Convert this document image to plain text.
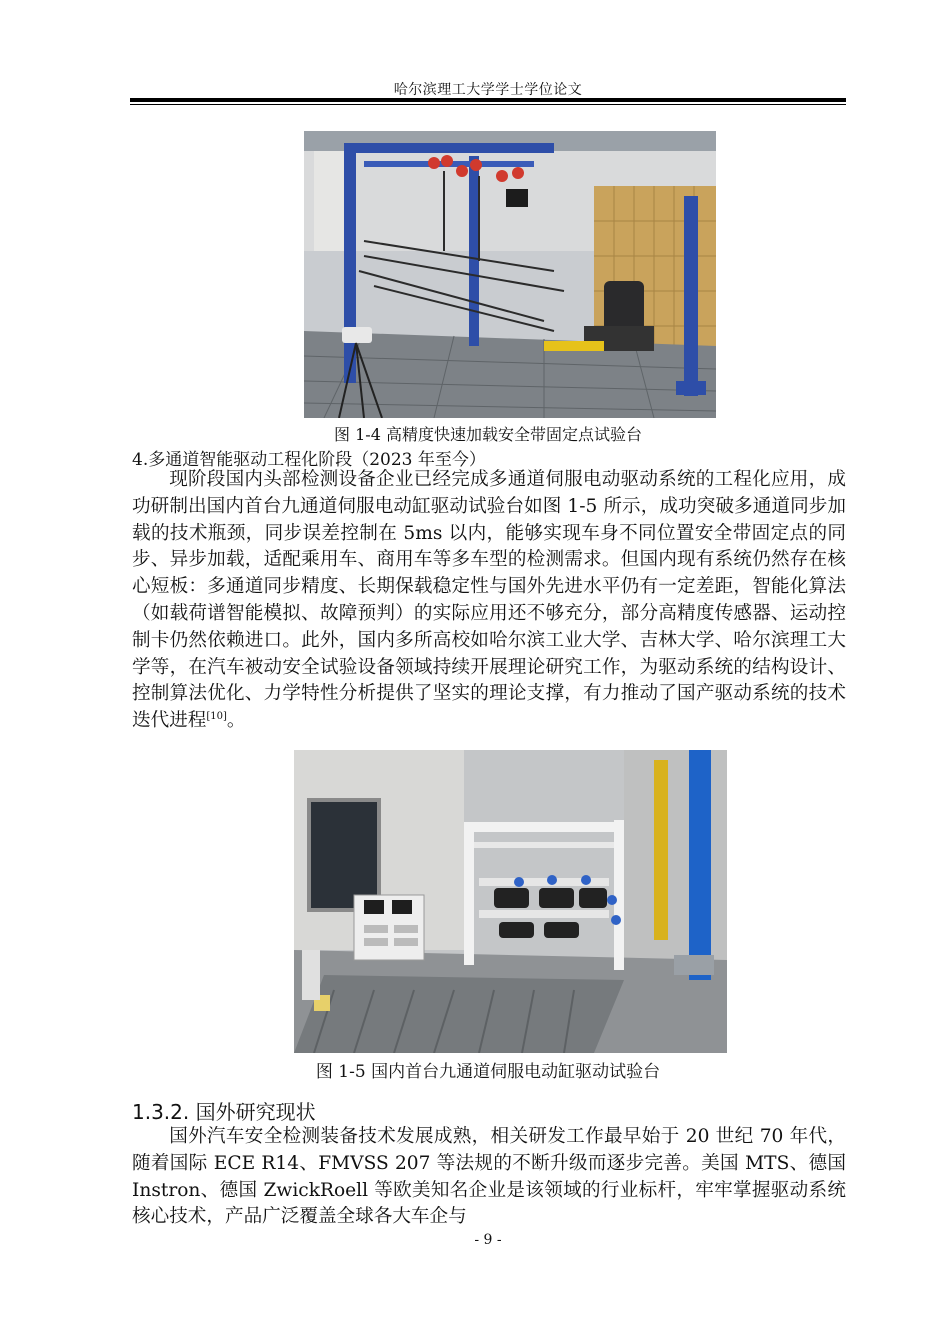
哈尔滨理工大学学士学位论文
图 1-4 高精度快速加载安全带固定点试验台
4.多通道智能驱动工程化阶段（2023 年至今）

现阶段国内头部检测设备企业已经完成多通道伺服电动驱动系统的工程化应用，成功研制出国内首台九通道伺服电动缸驱动试验台如图 1-5 所示，成功突破多通道同步加载的技术瓶颈，同步误差控制在 5ms 以内，能够实现车身不同位置安全带固定点的同步、异步加载，适配乘用车、商用车等多车型的检测需求。但国内现有系统仍然存在核心短板：多通道同步精度、长期保载稳定性与国外先进水平仍有一定差距，智能化算法（如载荷谱智能模拟、故障预判）的实际应用还不够充分，部分高精度传感器、运动控制卡仍然依赖进口。此外，国内多所高校如哈尔滨工业大学、吉林大学、哈尔滨理工大学等，在汽车被动安全试验设备领域持续开展理论研究工作，为驱动系统的结构设计、控制算法优化、力学特性分析提供了坚实的理论支撑，有力推动了国产驱动系统的技术迭代进程[10]。

图 1-5 国内首台九通道伺服电动缸驱动试验台
1.3.2. 国外研究现状

国外汽车安全检测装备技术发展成熟，相关研发工作最早始于 20 世纪 70 年代，随着国际 ECE R14、FMVSS 207 等法规的不断升级而逐步完善。美国 MTS、德国 Instron、德国 ZwickRoell 等欧美知名企业是该领域的行业标杆，牢牢掌握驱动系统核心技术，产品广泛覆盖全球各大车企与

- 9 -
